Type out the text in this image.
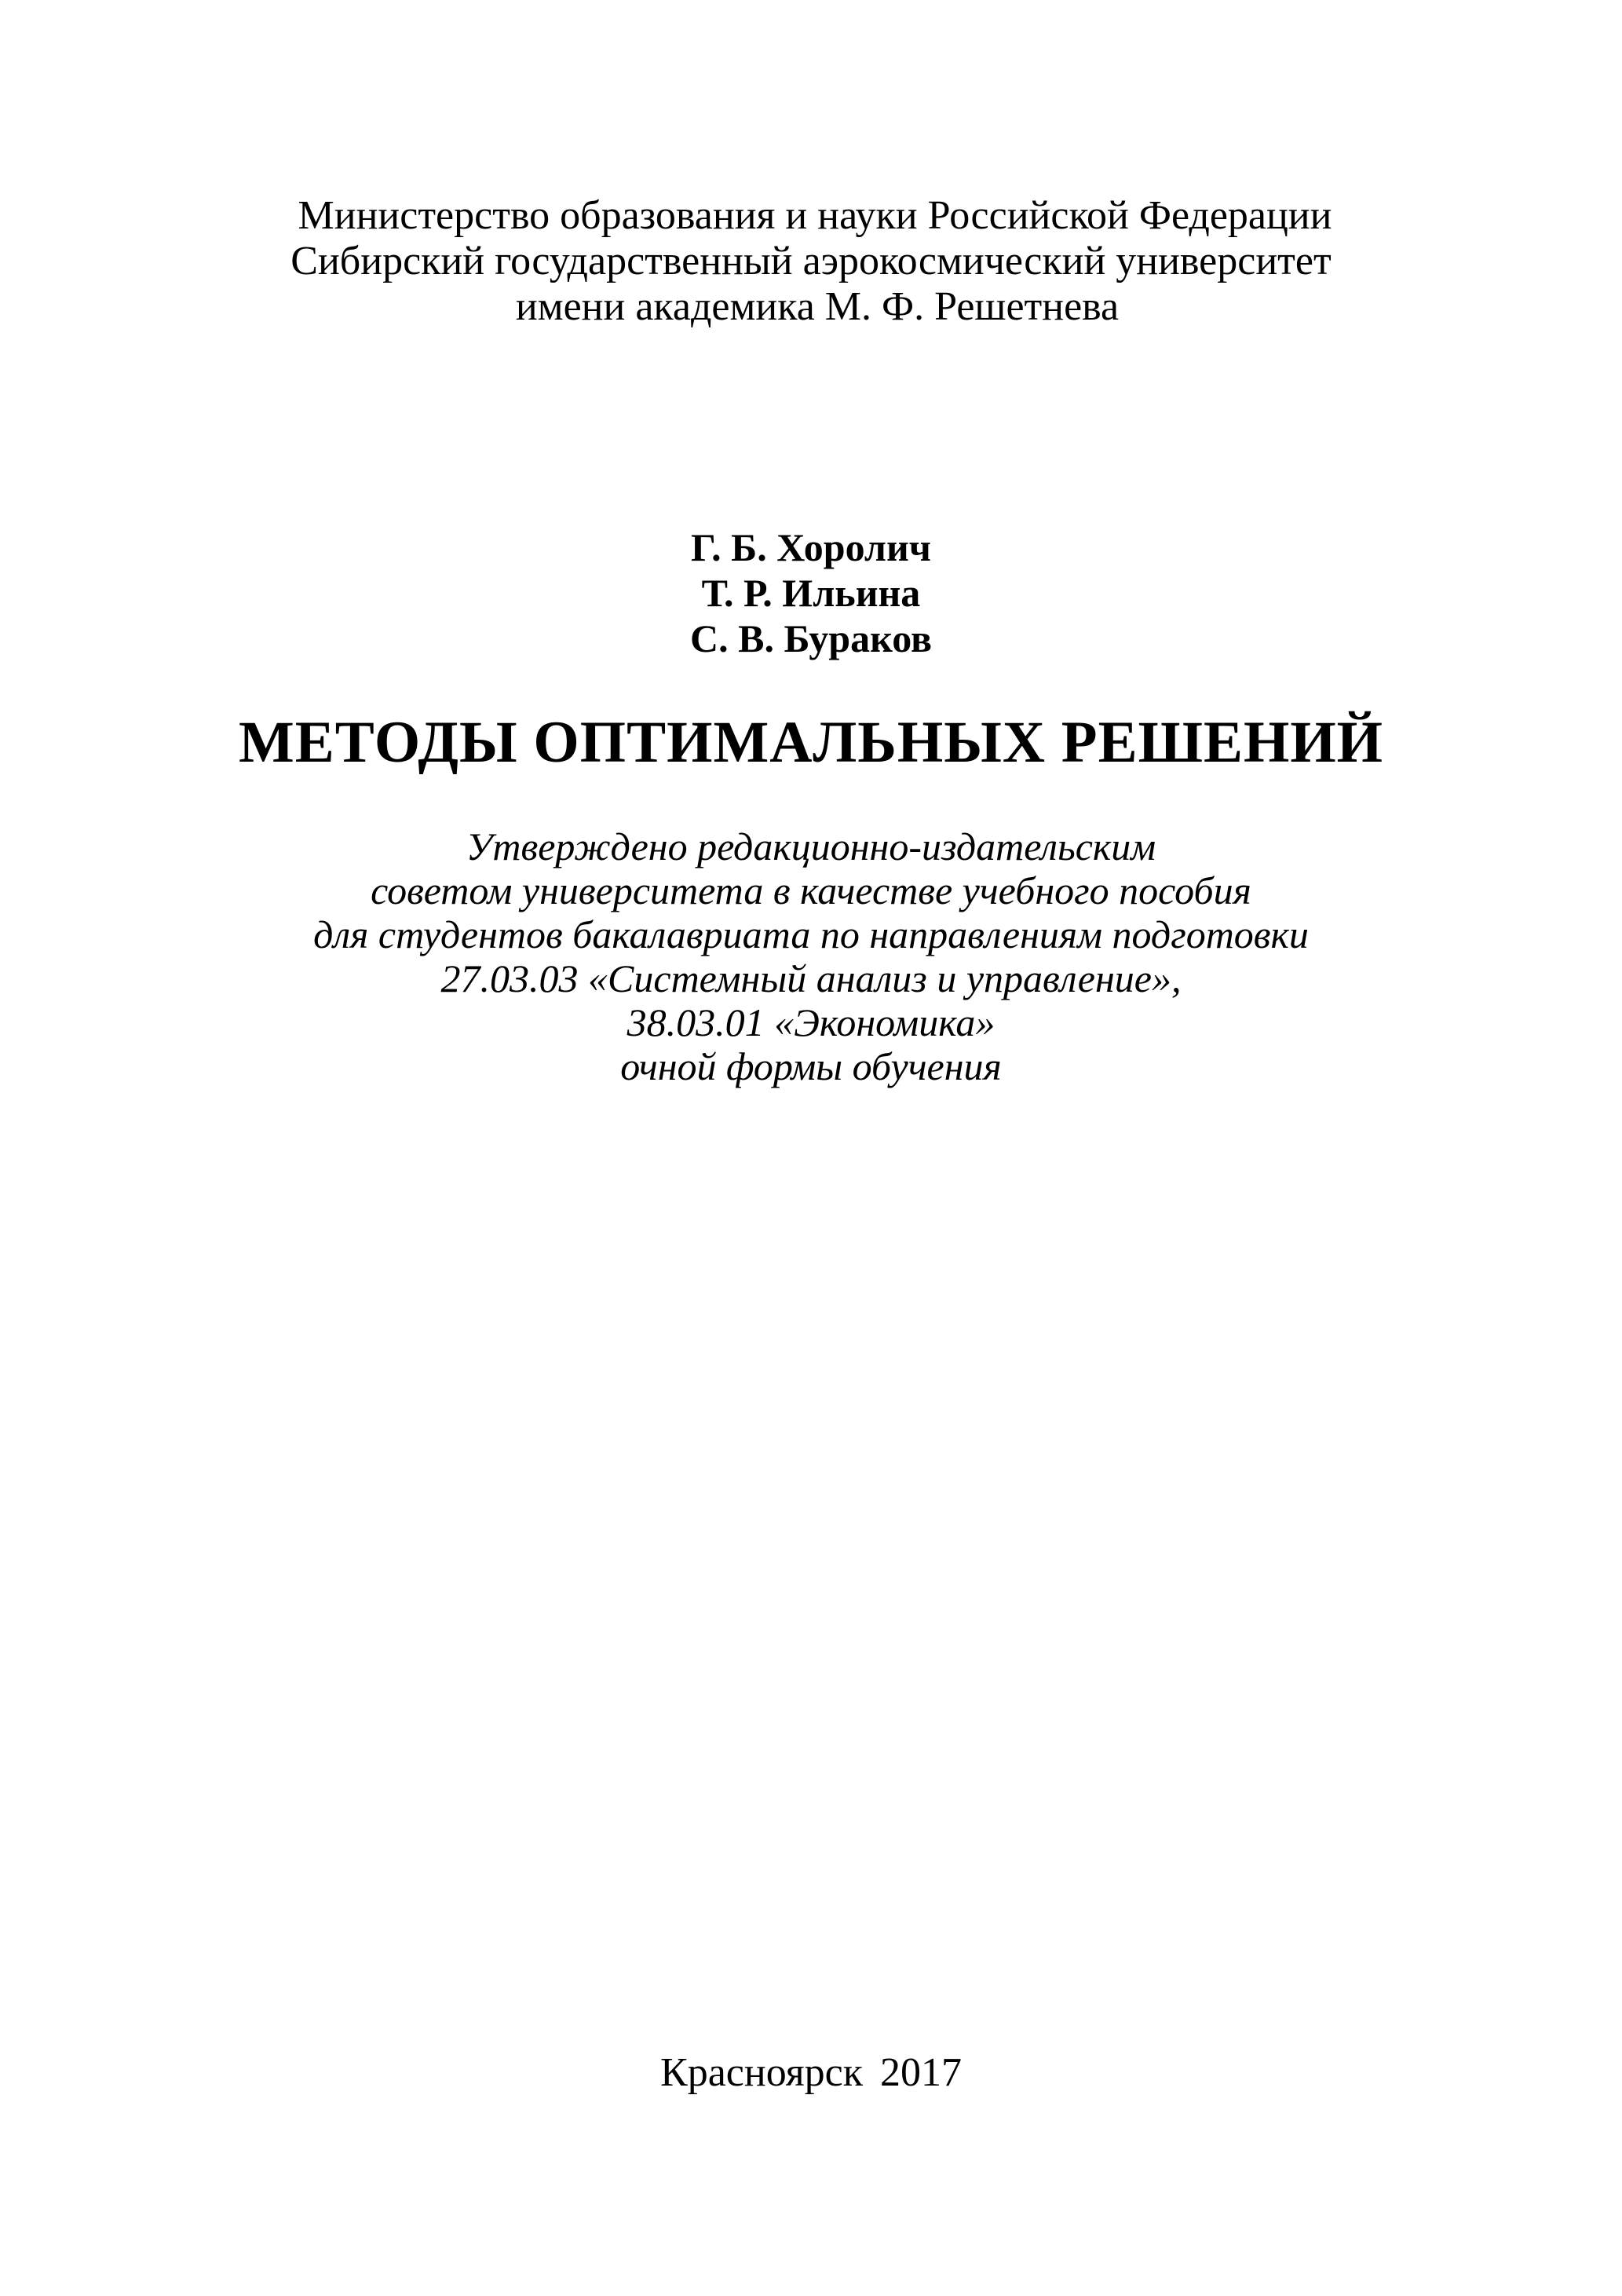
Министерство образования и науки Российской Федерации
Сибирский государственный аэрокосмический университет
имени академика М. Ф. Решетнева
Г. Б. Хоролич
Т. Р. Ильина
С. В. Бураков
МЕТОДЫ ОПТИМАЛЬНЫХ РЕШЕНИЙ
Утверждено редакционно-издательским
советом университета в качестве учебного пособия
для студентов бакалавриата по направлениям подготовки
27.03.03 «Системный анализ и управление»,
38.03.01 «Экономика»
очной формы обучения
Красноярск 2017
